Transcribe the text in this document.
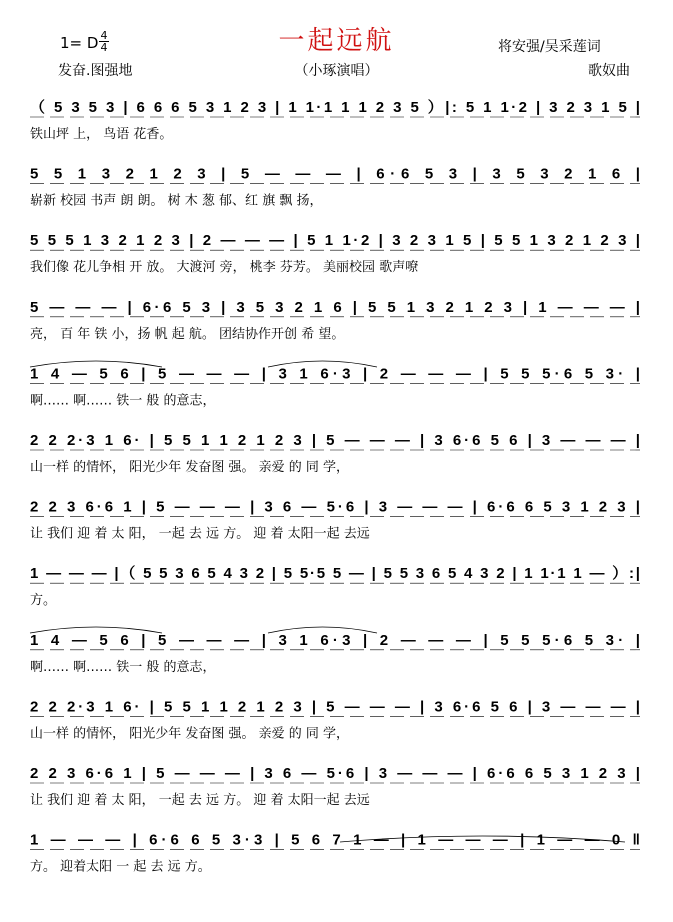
一起远航
1= D $\frac{4}{4}$
发奋.图强地	（小琢演唱）
将安强/吴采莲词
歌奴曲
（ 5 3 5 3 | 6 6 6 5 3 1 2 3 | 1 1·1 1 1 2 3 5 ）|: 5 1 1·2 | 3 2 3 1 5 |
铁山坪 上， 鸟语 花香。
5 5 1 3 2 1 2 3 | 5 — — — | 6·6 5 3 | 3 5 3 2 1 6 |
崭新 校园 书声 朗 朗。 树 木 葱 郁、红 旗 飘 扬，
5 5 5 1 3 2 1 2 3 | 2 — — — | 5 1 1·2 | 3 2 3 1 5 | 5 5 1 3 2 1 2 3 |
我们像 花儿争相 开 放。 大渡河 旁， 桃李 芬芳。 美丽校园 歌声嘹
5 — — — | 6·6 5 3 | 3 5 3 2 1 6 | 5 5 1 3 2 1 2 3 | 1 — — — |
亮， 百 年 铁 小，扬 帆 起 航。 团结协作开创 希 望。
1 4 — 5 6 | 5 — — — | 3 1 6·3 | 2 — — — | 5 5 5·6 5 3· |
啊…… 啊…… 铁一 般 的意志，
2 2 2·3 1 6· | 5 5 1 1 2 1 2 3 | 5 — — — | 3 6·6 5 6 | 3 — — — |
山一样 的情怀， 阳光少年 发奋图 强。 亲爱 的 同 学，
2 2 3 6·6 1 | 5 — — — | 3 6 — 5·6 | 3 — — — | 6·6 6 5 3 1 2 3 |
让 我们 迎 着 太 阳， 一起 去 远 方。 迎 着 太阳一起 去远
1 — — — |（ 5 5 3 6 5 4 3 2 | 5 5·5 5 — | 5 5 3 6 5 4 3 2 | 1 1·1 1 — ）:|
方。
1 4 — 5 6 | 5 — — — | 3 1 6·3 | 2 — — — | 5 5 5·6 5 3· |
啊…… 啊…… 铁一 般 的意志，
2 2 2·3 1 6· | 5 5 1 1 2 1 2 3 | 5 — — — | 3 6·6 5 6 | 3 — — — |
山一样 的情怀， 阳光少年 发奋图 强。 亲爱 的 同 学，
2 2 3 6·6 1 | 5 — — — | 3 6 — 5·6 | 3 — — — | 6·6 6 5 3 1 2 3 |
让 我们 迎 着 太 阳， 一起 去 远 方。 迎 着 太阳一起 去远
1 — — — | 6·6 6 5 3·3 | 5 6 7 1 — | 1 — — — | 1 — — 0 ‖
方。 迎着太阳 一 起 去 远 方。
